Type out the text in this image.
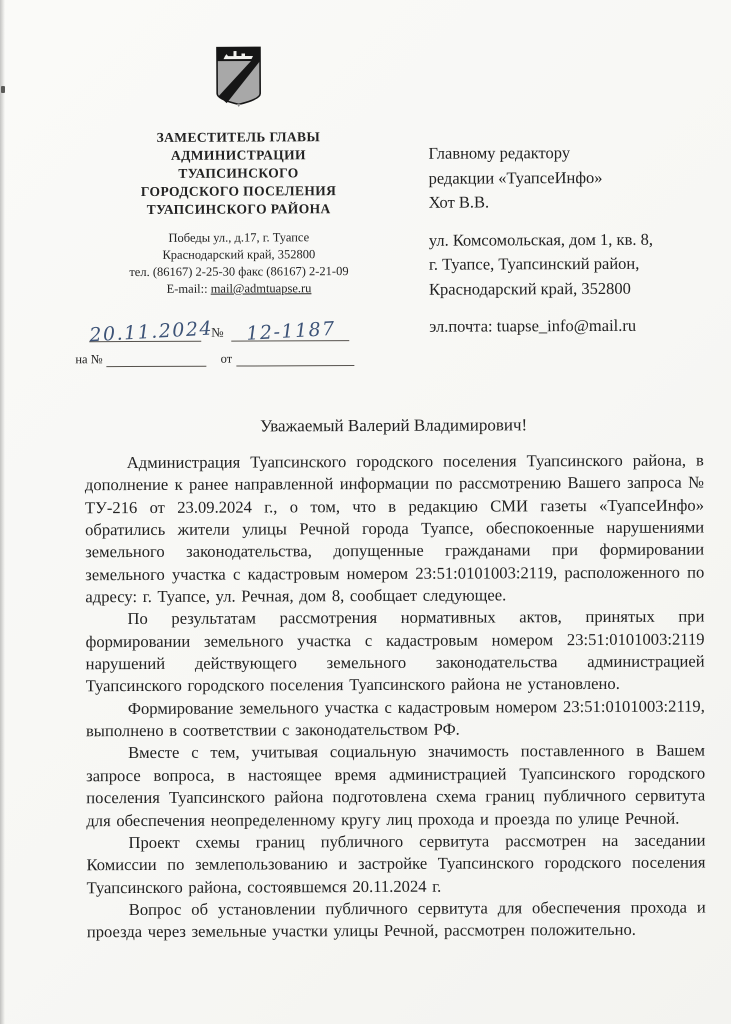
ЗАМЕСТИТЕЛЬ ГЛАВЫ
АДМИНИСТРАЦИИ
ТУАПСИНСКОГО
ГОРОДСКОГО ПОСЕЛЕНИЯ
ТУАПСИНСКОГО РАЙОНА
Победы ул., д.17, г. Туапсе
Краснодарский край, 352800
тел. (86167) 2-25-30 факс (86167) 2-21-09
E-mail:: mail@admtuapse.ru
20.11.2024
№	12-1187
на №	от
Главному редактору
редакции «ТуапсеИнфо»
Хот В.В.
ул. Комсомольская, дом 1, кв. 8,
г. Туапсе, Туапсинский район,
Краснодарский край, 352800
эл.почта: tuapse_info@mail.ru
Уважаемый Валерий Владимирович!

Администрация Туапсинского городского поселения Туапсинского района, в дополнение к ранее направленной информации по рассмотрению Вашего запроса № ТУ-216 от 23.09.2024 г., о том, что в редакцию СМИ газеты «ТуапсеИнфо» обратились жители улицы Речной города Туапсе, обеспокоенные нарушениями земельного законодательства, допущенные гражданами при формировании земельного участка с кадастровым номером 23:51:0101003:2119, расположенного по адресу: г. Туапсе, ул. Речная, дом 8, сообщает следующее.

По результатам рассмотрения нормативных актов, принятых при формировании земельного участка с кадастровым номером 23:51:0101003:2119 нарушений действующего земельного законодательства администрацией Туапсинского городского поселения Туапсинского района не установлено.

Формирование земельного участка с кадастровым номером 23:51:0101003:2119, выполнено в соответствии с законодательством РФ.

Вместе с тем, учитывая социальную значимость поставленного в Вашем запросе вопроса, в настоящее время администрацией Туапсинского городского поселения Туапсинского района подготовлена схема границ публичного сервитута для обеспечения неопределенному кругу лиц прохода и проезда по улице Речной.

Проект схемы границ публичного сервитута рассмотрен на заседании Комиссии по землепользованию и застройке Туапсинского городского поселения Туапсинского района, состоявшемся 20.11.2024 г.

Вопрос об установлении публичного сервитута для обеспечения прохода и проезда через земельные участки улицы Речной, рассмотрен положительно.
